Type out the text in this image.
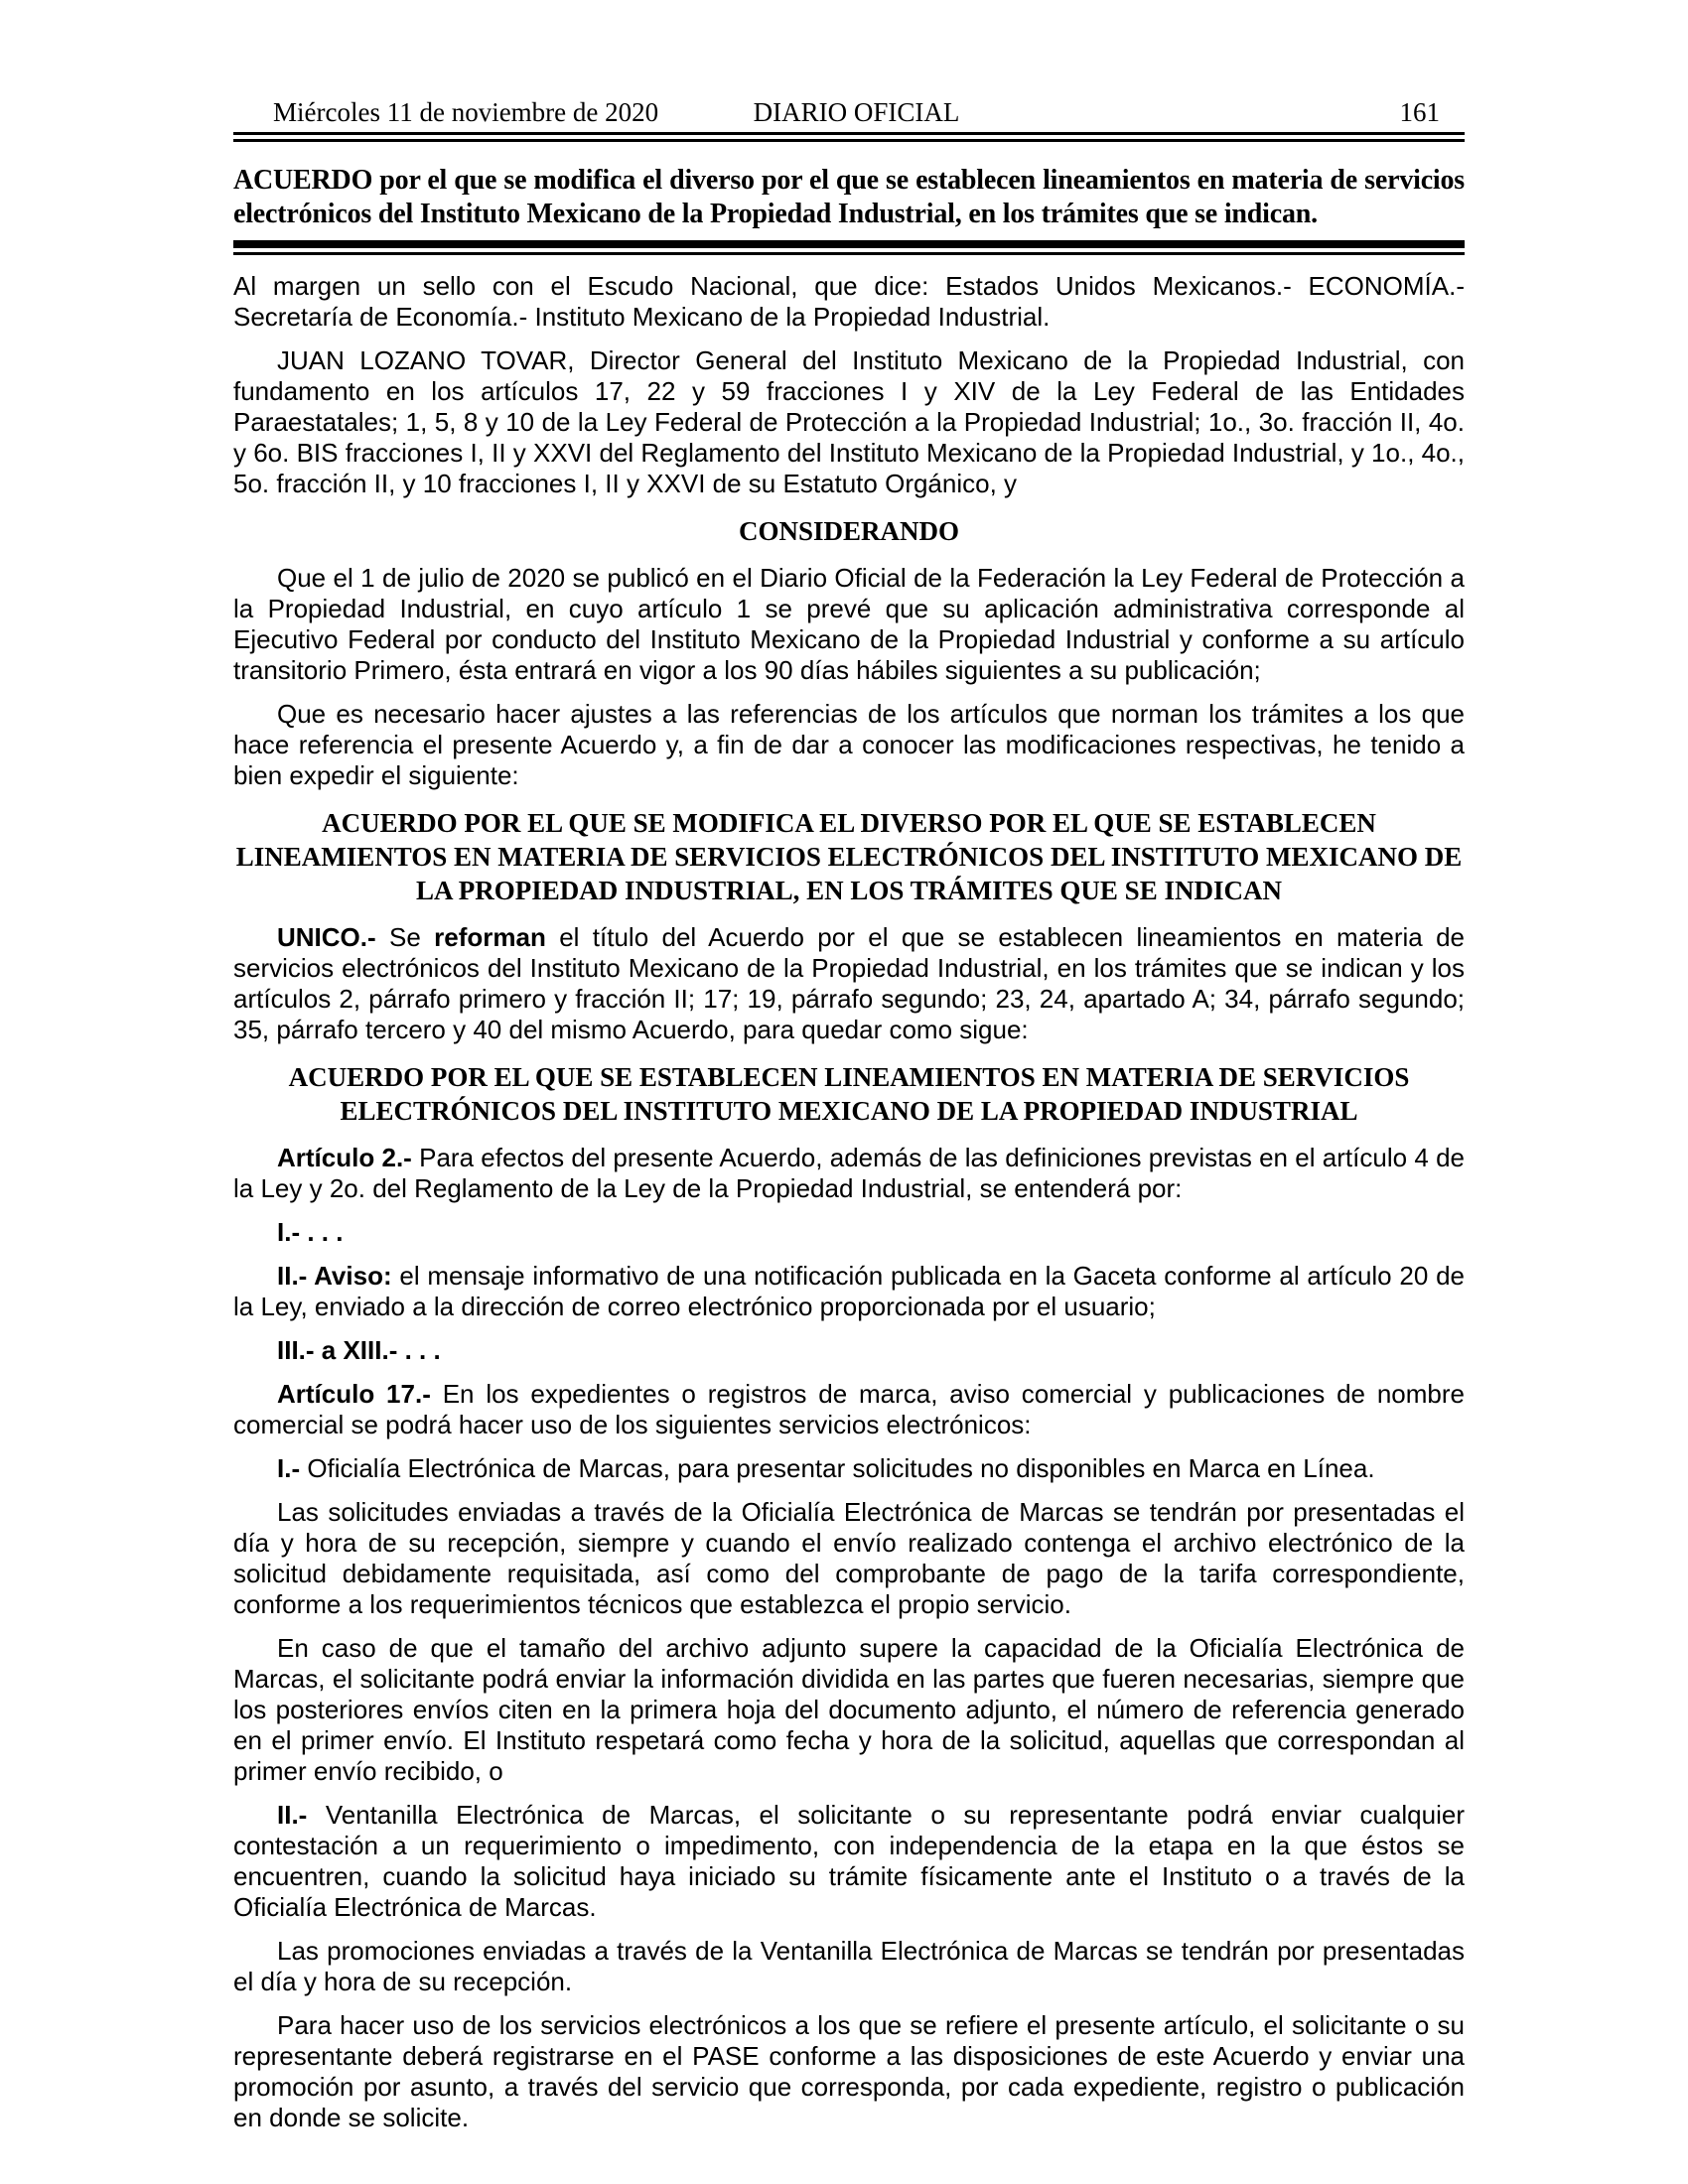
Miércoles 11 de noviembre de 2020	DIARIO OFICIAL	161
ACUERDO por el que se modifica el diverso por el que se establecen lineamientos en materia de servicios electrónicos del Instituto Mexicano de la Propiedad Industrial, en los trámites que se indican.

Al margen un sello con el Escudo Nacional, que dice: Estados Unidos Mexicanos.- ECONOMÍA.- Secretaría de Economía.- Instituto Mexicano de la Propiedad Industrial.

JUAN LOZANO TOVAR, Director General del Instituto Mexicano de la Propiedad Industrial, con fundamento en los artículos 17, 22 y 59 fracciones I y XIV de la Ley Federal de las Entidades Paraestatales; 1, 5, 8 y 10 de la Ley Federal de Protección a la Propiedad Industrial; 1o., 3o. fracción II, 4o. y 6o. BIS fracciones I, II y XXVI del Reglamento del Instituto Mexicano de la Propiedad Industrial, y 1o., 4o., 5o. fracción II, y 10 fracciones I, II y XXVI de su Estatuto Orgánico, y

CONSIDERANDO

Que el 1 de julio de 2020 se publicó en el Diario Oficial de la Federación la Ley Federal de Protección a la Propiedad Industrial, en cuyo artículo 1 se prevé que su aplicación administrativa corresponde al Ejecutivo Federal por conducto del Instituto Mexicano de la Propiedad Industrial y conforme a su artículo transitorio Primero, ésta entrará en vigor a los 90 días hábiles siguientes a su publicación;

Que es necesario hacer ajustes a las referencias de los artículos que norman los trámites a los que hace referencia el presente Acuerdo y, a fin de dar a conocer las modificaciones respectivas, he tenido a bien expedir el siguiente:

ACUERDO POR EL QUE SE MODIFICA EL DIVERSO POR EL QUE SE ESTABLECEN LINEAMIENTOS EN MATERIA DE SERVICIOS ELECTRÓNICOS DEL INSTITUTO MEXICANO DE LA PROPIEDAD INDUSTRIAL, EN LOS TRÁMITES QUE SE INDICAN

UNICO.- Se reforman el título del Acuerdo por el que se establecen lineamientos en materia de servicios electrónicos del Instituto Mexicano de la Propiedad Industrial, en los trámites que se indican y los artículos 2, párrafo primero y fracción II; 17; 19, párrafo segundo; 23, 24, apartado A; 34, párrafo segundo; 35, párrafo tercero y 40 del mismo Acuerdo, para quedar como sigue:

ACUERDO POR EL QUE SE ESTABLECEN LINEAMIENTOS EN MATERIA DE SERVICIOS ELECTRÓNICOS DEL INSTITUTO MEXICANO DE LA PROPIEDAD INDUSTRIAL

Artículo 2.- Para efectos del presente Acuerdo, además de las definiciones previstas en el artículo 4 de la Ley y 2o. del Reglamento de la Ley de la Propiedad Industrial, se entenderá por:

I.- . . .

II.- Aviso: el mensaje informativo de una notificación publicada en la Gaceta conforme al artículo 20 de la Ley, enviado a la dirección de correo electrónico proporcionada por el usuario;

III.- a XIII.- . . .

Artículo 17.- En los expedientes o registros de marca, aviso comercial y publicaciones de nombre comercial se podrá hacer uso de los siguientes servicios electrónicos:

I.- Oficialía Electrónica de Marcas, para presentar solicitudes no disponibles en Marca en Línea.

Las solicitudes enviadas a través de la Oficialía Electrónica de Marcas se tendrán por presentadas el día y hora de su recepción, siempre y cuando el envío realizado contenga el archivo electrónico de la solicitud debidamente requisitada, así como del comprobante de pago de la tarifa correspondiente, conforme a los requerimientos técnicos que establezca el propio servicio.

En caso de que el tamaño del archivo adjunto supere la capacidad de la Oficialía Electrónica de Marcas, el solicitante podrá enviar la información dividida en las partes que fueren necesarias, siempre que los posteriores envíos citen en la primera hoja del documento adjunto, el número de referencia generado en el primer envío. El Instituto respetará como fecha y hora de la solicitud, aquellas que correspondan al primer envío recibido, o

II.- Ventanilla Electrónica de Marcas, el solicitante o su representante podrá enviar cualquier contestación a un requerimiento o impedimento, con independencia de la etapa en la que éstos se encuentren, cuando la solicitud haya iniciado su trámite físicamente ante el Instituto o a través de la Oficialía Electrónica de Marcas.

Las promociones enviadas a través de la Ventanilla Electrónica de Marcas se tendrán por presentadas el día y hora de su recepción.

Para hacer uso de los servicios electrónicos a los que se refiere el presente artículo, el solicitante o su representante deberá registrarse en el PASE conforme a las disposiciones de este Acuerdo y enviar una promoción por asunto, a través del servicio que corresponda, por cada expediente, registro o publicación en donde se solicite.
